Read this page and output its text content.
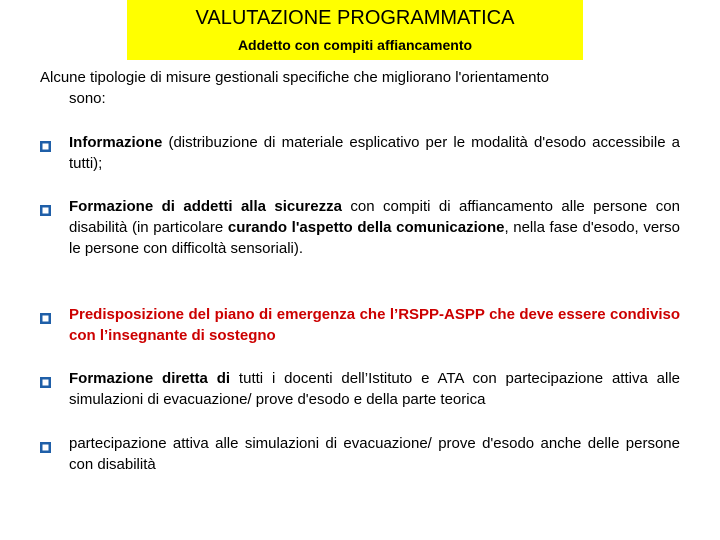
VALUTAZIONE PROGRAMMATICA
Addetto con compiti affiancamento
Alcune tipologie di misure gestionali specifiche che migliorano l'orientamento
sono:
Informazione (distribuzione di materiale esplicativo per le modalità d'esodo accessibile a tutti);
Formazione di addetti alla sicurezza con compiti di affiancamento alle persone con disabilità (in particolare curando l'aspetto della comunicazione, nella fase d'esodo, verso le persone con difficoltà sensoriali).
Predisposizione del piano di emergenza che l’RSPP-ASPP che deve essere condiviso con l’insegnante di sostegno
Formazione diretta di tutti i docenti dell’Istituto e ATA con partecipazione attiva alle simulazioni di evacuazione/ prove d'esodo e della parte teorica
partecipazione attiva alle simulazioni di evacuazione/ prove d'esodo anche delle persone con disabilità
